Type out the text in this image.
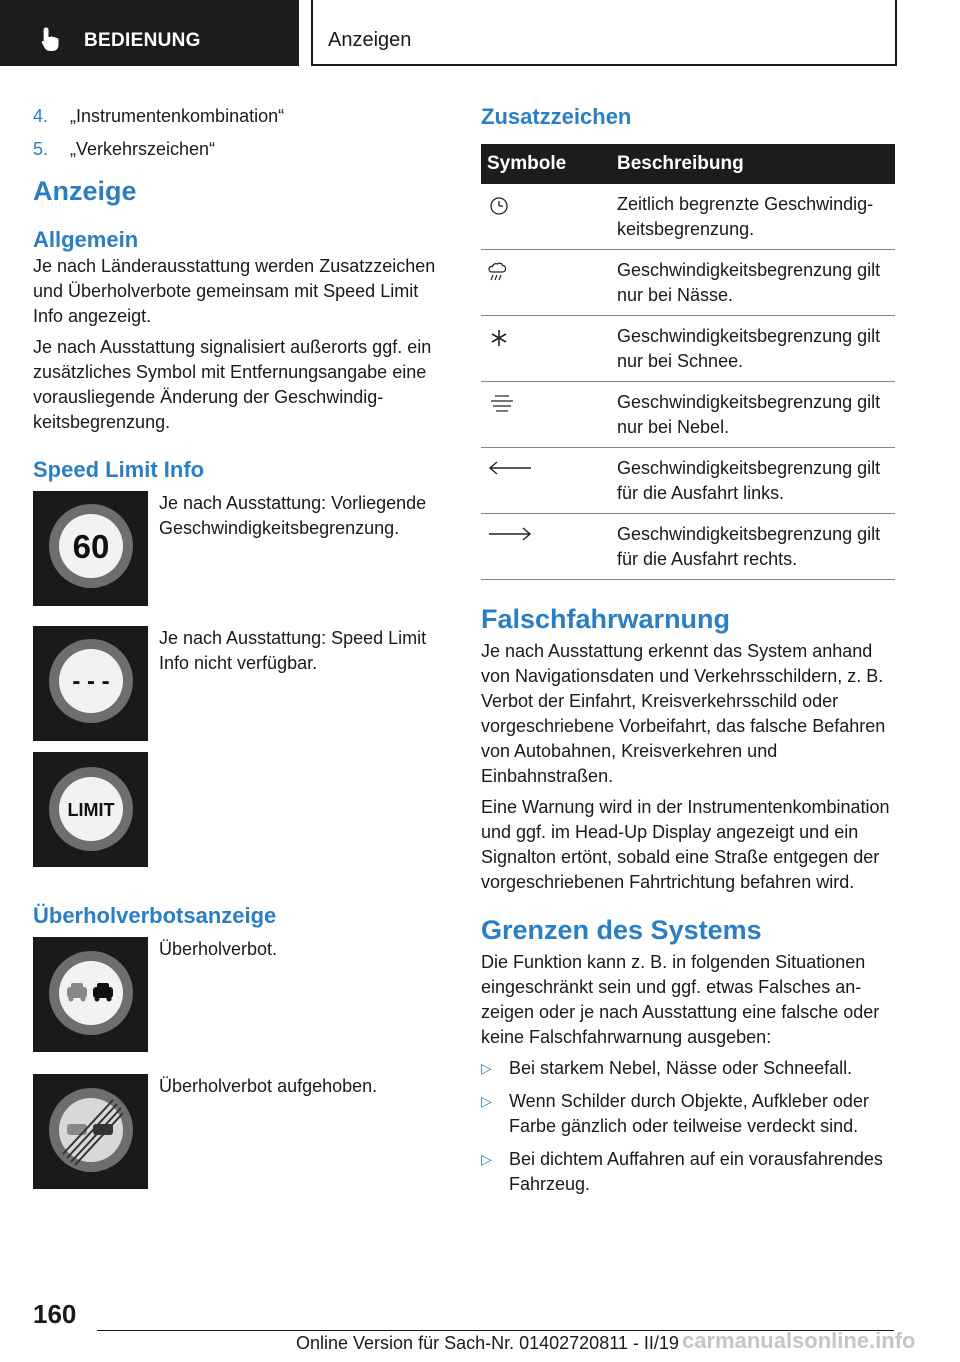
BEDIENUNG	Anzeigen
4. „Instrumentenkombination“
5. „Verkehrszeichen“
Anzeige
Allgemein

Je nach Länderausstattung werden Zusatzzeichen und Überholverbote gemeinsam mit Speed Limit Info angezeigt.

Je nach Ausstattung signalisiert außerorts ggf. ein zusätzliches Symbol mit Entfernungsangabe eine vorausliegende Änderung der Geschwindigkeitsbegrenzung.

Speed Limit Info
60
Je nach Ausstattung: Vorliegende Geschwindigkeitsbegrenzung.
- - -
Je nach Ausstattung: Speed Limit Info nicht verfügbar.
LIMIT
Überholverbotsanzeige
Überholverbot.
Überholverbot aufgehoben.
Zusatzzeichen
Symbole	Beschreibung

	Zeitlich begrenzte Geschwindigkeitsbegrenzung.

	Geschwindigkeitsbegrenzung gilt nur bei Nässe.

	Geschwindigkeitsbegrenzung gilt nur bei Schnee.

	Geschwindigkeitsbegrenzung gilt nur bei Nebel.

	Geschwindigkeitsbegrenzung gilt für die Ausfahrt links.

	Geschwindigkeitsbegrenzung gilt für die Ausfahrt rechts.
Falschfahrwarnung

Je nach Ausstattung erkennt das System anhand von Navigationsdaten und Verkehrsschildern, z. B. Verbot der Einfahrt, Kreisverkehrsschild oder vorgeschriebene Vorbeifahrt, das falsche Befahren von Autobahnen, Kreisverkehren und Einbahnstraßen.

Eine Warnung wird in der Instrumentenkombination und ggf. im Head-Up Display angezeigt und ein Signalton ertönt, sobald eine Straße entgegen der vorgeschriebenen Fahrtrichtung befahren wird.

Grenzen des Systems

Die Funktion kann z. B. in folgenden Situationen eingeschränkt sein und ggf. etwas Falsches anzeigen oder je nach Ausstattung eine falsche oder keine Falschfahrwarnung ausgeben:

▷ Bei starkem Nebel, Nässe oder Schneefall.
▷ Wenn Schilder durch Objekte, Aufkleber oder Farbe gänzlich oder teilweise verdeckt sind.
▷ Bei dichtem Auffahren auf ein vorausfahrendes Fahrzeug.
160
Online Version für Sach-Nr. 01402720811 - II/19 carmanualsonline.info
